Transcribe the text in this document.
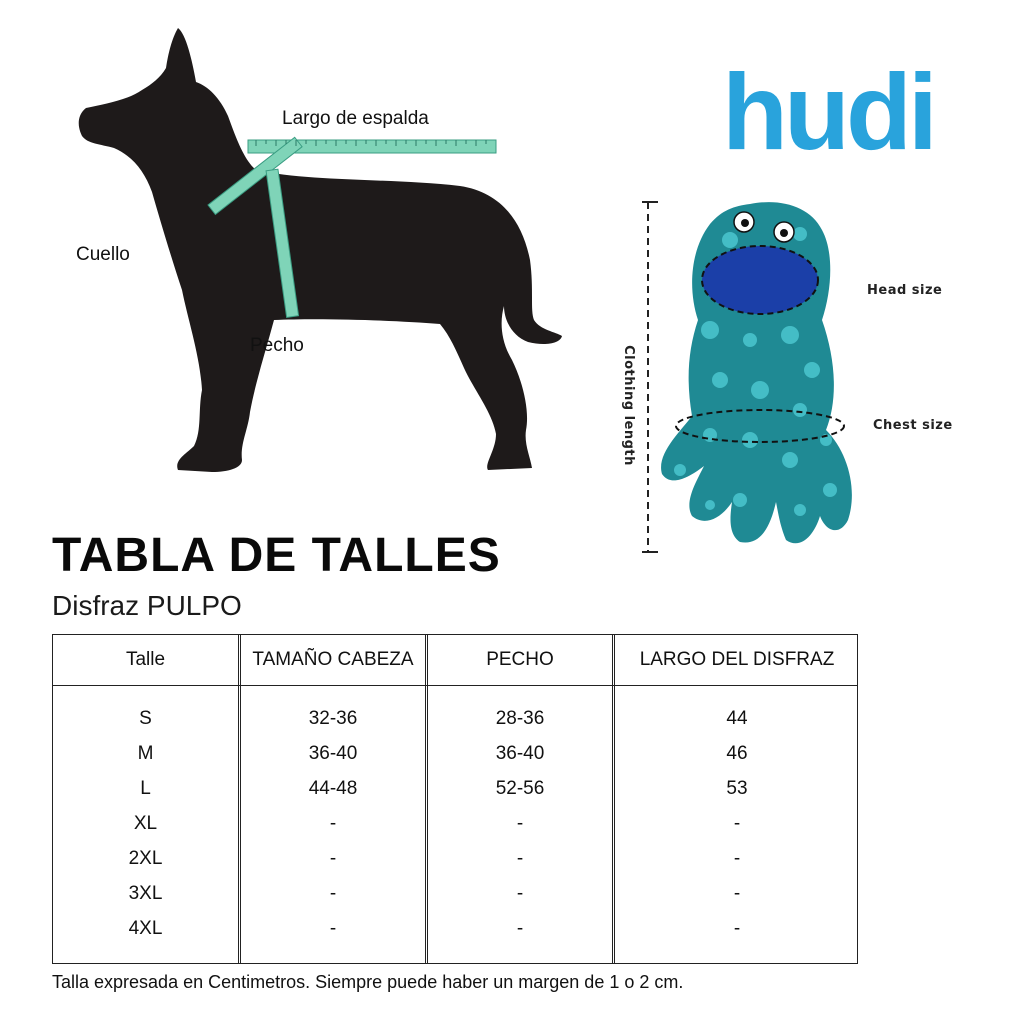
Largo de espalda
Cuello
Pecho
hudi
Head size
Chest size
Clothing length
TABLA DE TALLES
Disfraz PULPO
Talle	TAMAÑO CABEZA	PECHO	LARGO DEL DISFRAZ
S	32-36	28-36	44
M	36-40	36-40	46
L	44-48	52-56	53
XL	-	-	-
2XL	-	-	-
3XL	-	-	-
4XL	-	-	-
Talla expresada en Centimetros. Siempre puede haber un margen de 1 o 2 cm.
